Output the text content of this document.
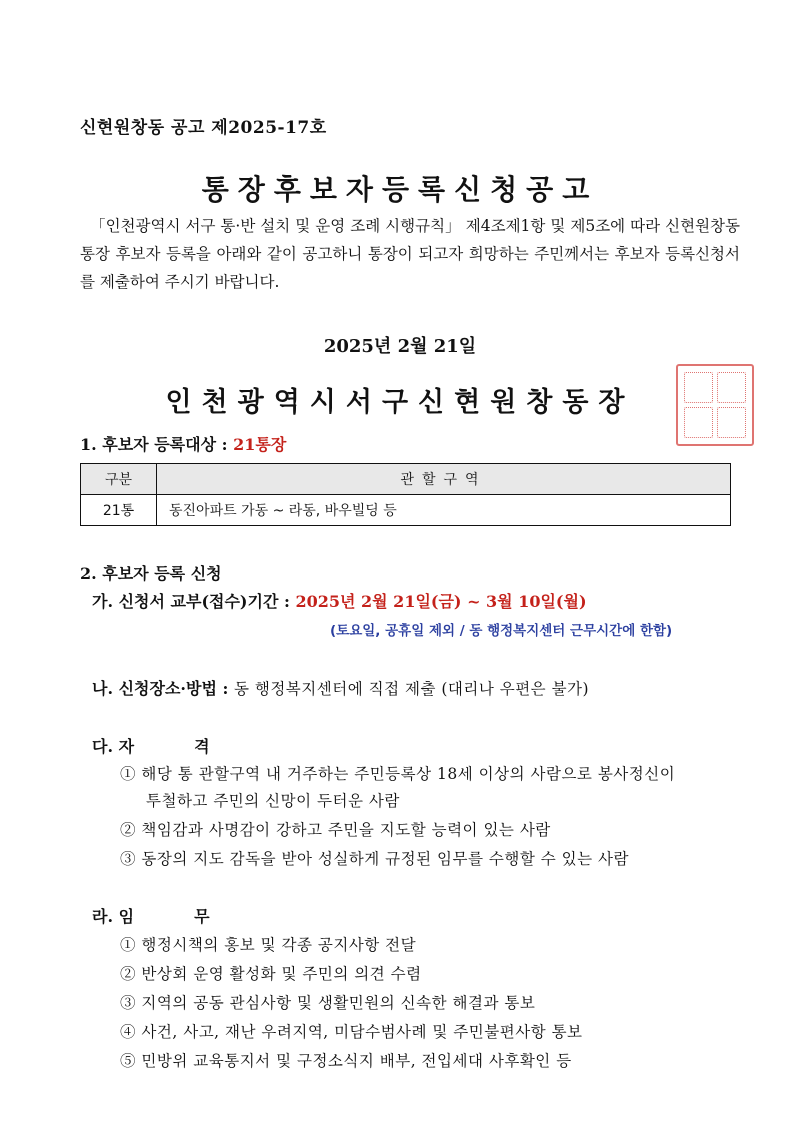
신현원창동 공고 제2025-17호
통장후보자등록신청공고

「인천광역시 서구 통·반 설치 및 운영 조례 시행규칙」 제4조제1항 및 제5조에 따라 신현원창동 통장 후보자 등록을 아래와 같이 공고하니 통장이 되고자 희망하는 주민께서는 후보자 등록신청서를 제출하여 주시기 바랍니다.

2025년 2월 21일
인천광역시서구신현원창동장
1. 후보자 등록대상 : 21통장
구분	관할구역
21통	동진아파트 가동 ~ 라동, 바우빌딩 등
2. 후보자 등록 신청
가. 신청서 교부(접수)기간 : 2025년 2월 21일(금) ~ 3월 10일(월)
(토요일, 공휴일 제외 / 동 행정복지센터 근무시간에 한함)
나. 신청장소·방법 : 동 행정복지센터에 직접 제출 (대리나 우편은 불가)
다. 자	격
① 해당 통 관할구역 내 거주하는 주민등록상 18세 이상의 사람으로 봉사정신이
투철하고 주민의 신망이 두터운 사람
② 책임감과 사명감이 강하고 주민을 지도할 능력이 있는 사람
③ 동장의 지도 감독을 받아 성실하게 규정된 임무를 수행할 수 있는 사람
라. 임	무
① 행정시책의 홍보 및 각종 공지사항 전달
② 반상회 운영 활성화 및 주민의 의견 수렴
③ 지역의 공동 관심사항 및 생활민원의 신속한 해결과 통보
④ 사건, 사고, 재난 우려지역, 미담수범사례 및 주민불편사항 통보
⑤ 민방위 교육통지서 및 구정소식지 배부, 전입세대 사후확인 등
